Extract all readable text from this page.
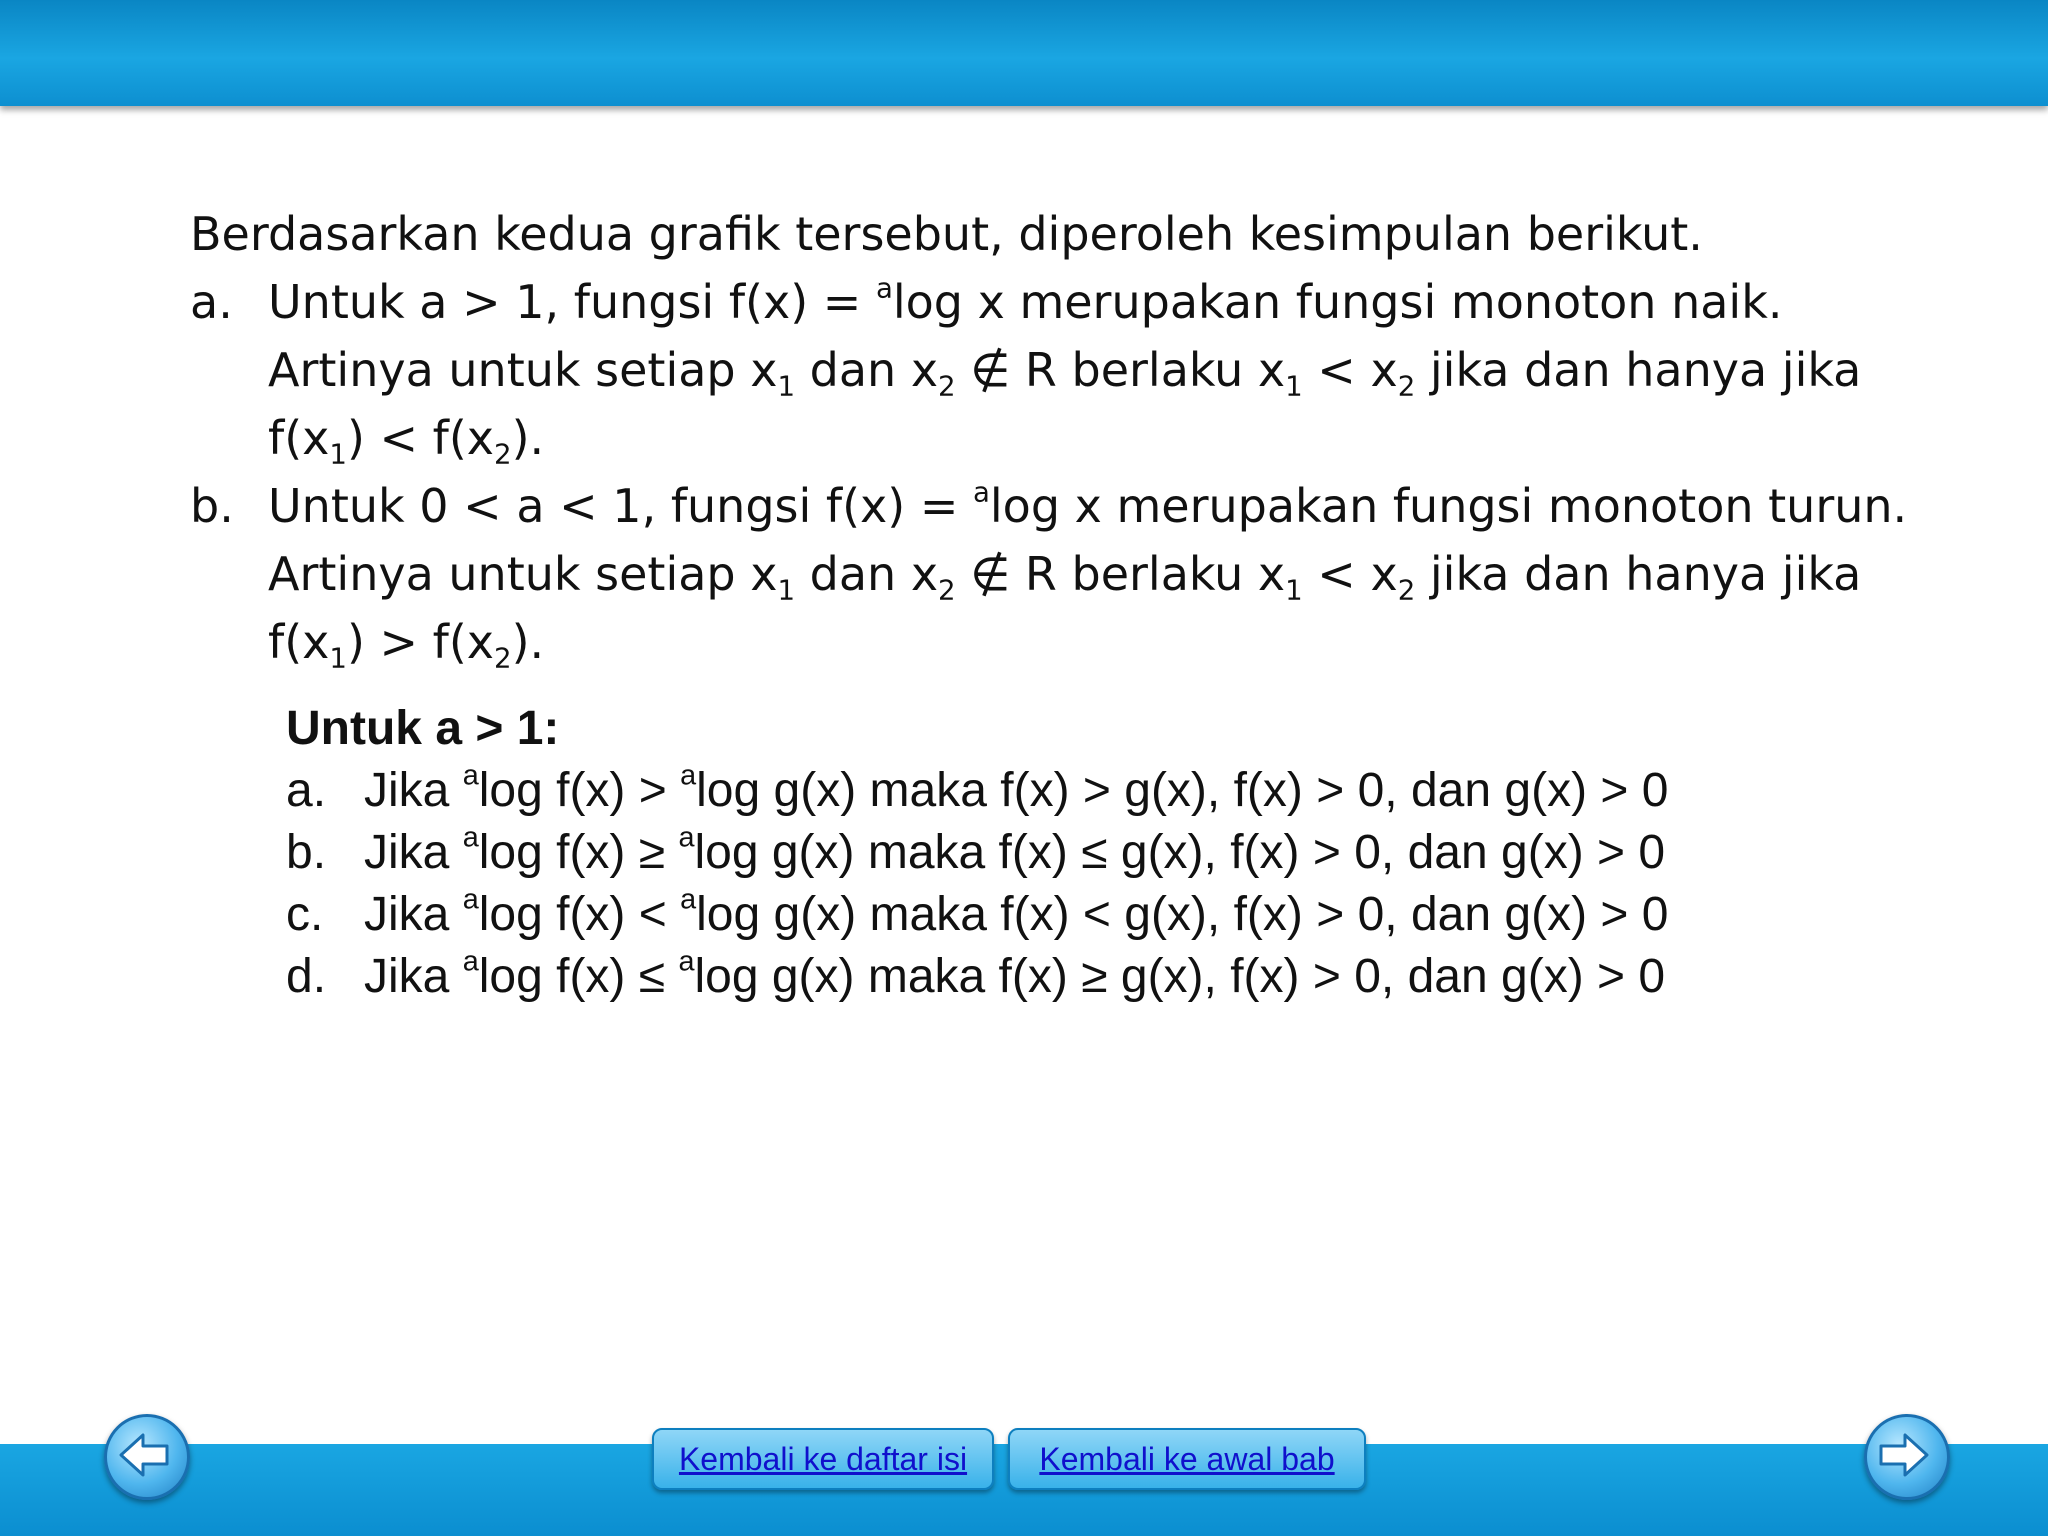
Berdasarkan kedua grafik tersebut, diperoleh kesimpulan berikut.
a. Untuk a > 1, fungsi f(x) = $^a$log x merupakan fungsi monoton naik.
Artinya untuk setiap $x_1$ dan $x_2$ ∉ R berlaku $x_1 < x_2$ jika dan hanya jika
$f(x_1) < f(x_2)$.
b. Untuk 0 < a < 1, fungsi f(x) = $^a$log x merupakan fungsi monoton turun.
Artinya untuk setiap $x_1$ dan $x_2$ ∉ R berlaku $x_1 < x_2$ jika dan hanya jika
$f(x_1) > f(x_2)$.
Untuk a > 1:
a. Jika $^a$log f(x) > $^a$log g(x) maka f(x) > g(x), f(x) > 0, dan g(x) > 0
b. Jika $^a$log f(x) ≥ $^a$log g(x) maka f(x) ≤ g(x), f(x) > 0, dan g(x) > 0
c. Jika $^a$log f(x) < $^a$log g(x) maka f(x) < g(x), f(x) > 0, dan g(x) > 0
d. Jika $^a$log f(x) ≤ $^a$log g(x) maka f(x) ≥ g(x), f(x) > 0, dan g(x) > 0
Kembali ke daftar isi Kembali ke awal bab
